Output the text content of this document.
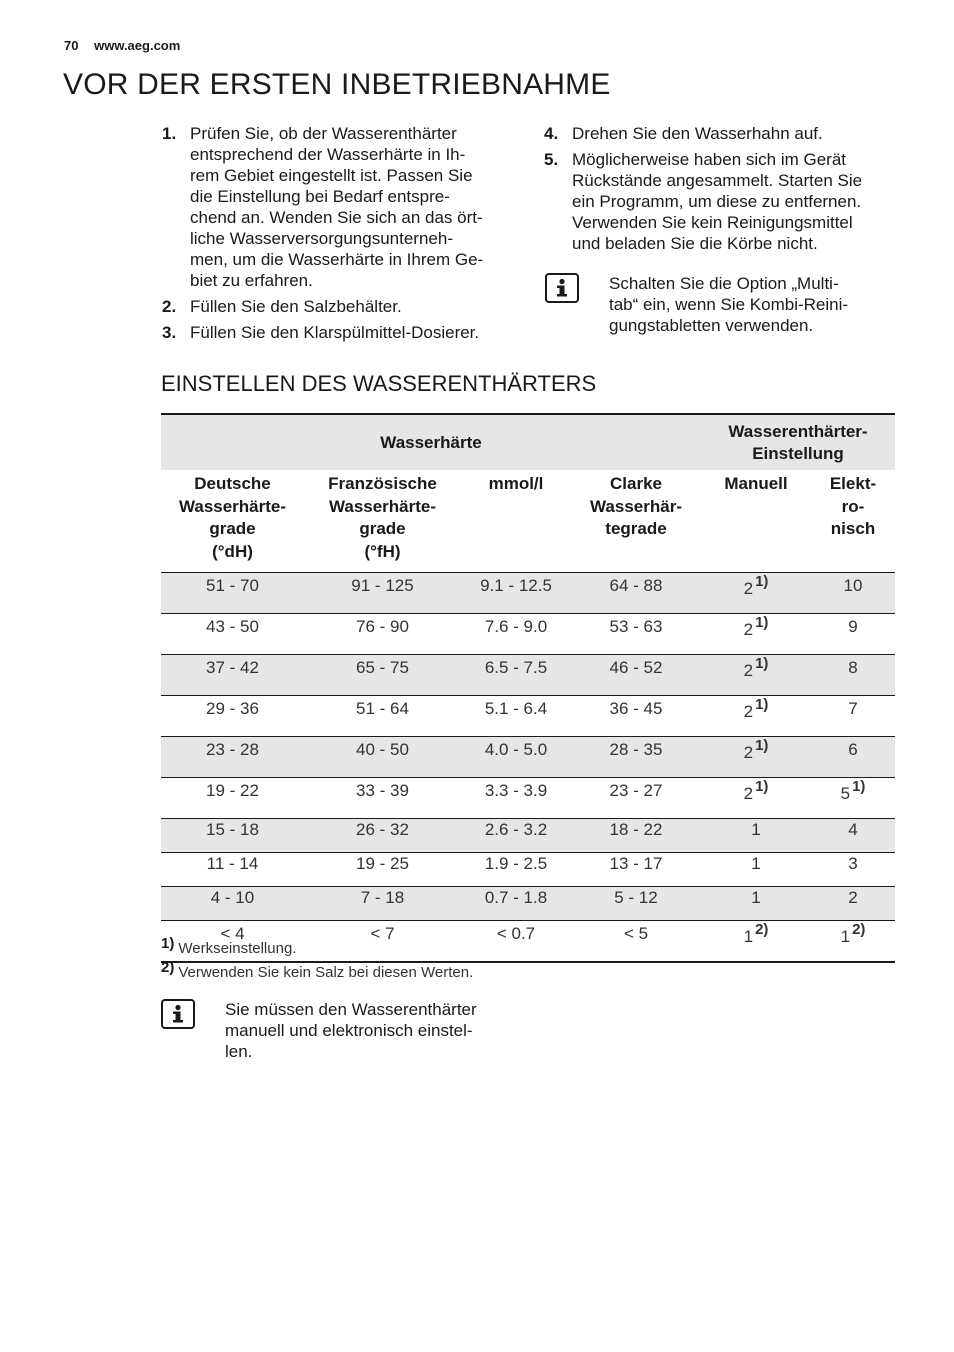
70 www.aeg.com
VOR DER ERSTEN INBETRIEBNAHME
1. Prüfen Sie, ob der Wasserenthärter
entsprechend der Wasserhärte in Ih-
rem Gebiet eingestellt ist. Passen Sie
die Einstellung bei Bedarf entspre-
chend an. Wenden Sie sich an das ört-
liche Wasserversorgungsunterneh-
men, um die Wasserhärte in Ihrem Ge-
biet zu erfahren.
2. Füllen Sie den Salzbehälter.
3. Füllen Sie den Klarspülmittel-Dosierer.
4. Drehen Sie den Wasserhahn auf.
5. Möglicherweise haben sich im Gerät
Rückstände angesammelt. Starten Sie
ein Programm, um diese zu entfernen.
Verwenden Sie kein Reinigungsmittel
und beladen Sie die Körbe nicht.
Schalten Sie die Option „Multi-
tab“ ein, wenn Sie Kombi-Reini-
gungstabletten verwenden.
EINSTELLEN DES WASSERENTHÄRTERS
Wasserhärte				Wasserenthärter-
Einstellung	
Deutsche
Wasserhärte-
grade
(°dH)	Französische
Wasserhärte-
grade
(°fH)	mmol/l	Clarke
Wasserhär-
tegrade	Manuell	Elekt-
ro-
nisch
51 - 70	91 - 125	9.1 - 12.5	64 - 88	2 1)	10
43 - 50	76 - 90	7.6 - 9.0	53 - 63	2 1)	9
37 - 42	65 - 75	6.5 - 7.5	46 - 52	2 1)	8
29 - 36	51 - 64	5.1 - 6.4	36 - 45	2 1)	7
23 - 28	40 - 50	4.0 - 5.0	28 - 35	2 1)	6
19 - 22	33 - 39	3.3 - 3.9	23 - 27	2 1)	5 1)
15 - 18	26 - 32	2.6 - 3.2	18 - 22	1	4
11 - 14	19 - 25	1.9 - 2.5	13 - 17	1	3
4 - 10	7 - 18	0.7 - 1.8	5 - 12	1	2
< 4	< 7	< 0.7	< 5	1 2)	1 2)
1) Werkseinstellung.
2) Verwenden Sie kein Salz bei diesen Werten.
Sie müssen den Wasserenthärter
manuell und elektronisch einstel-
len.
